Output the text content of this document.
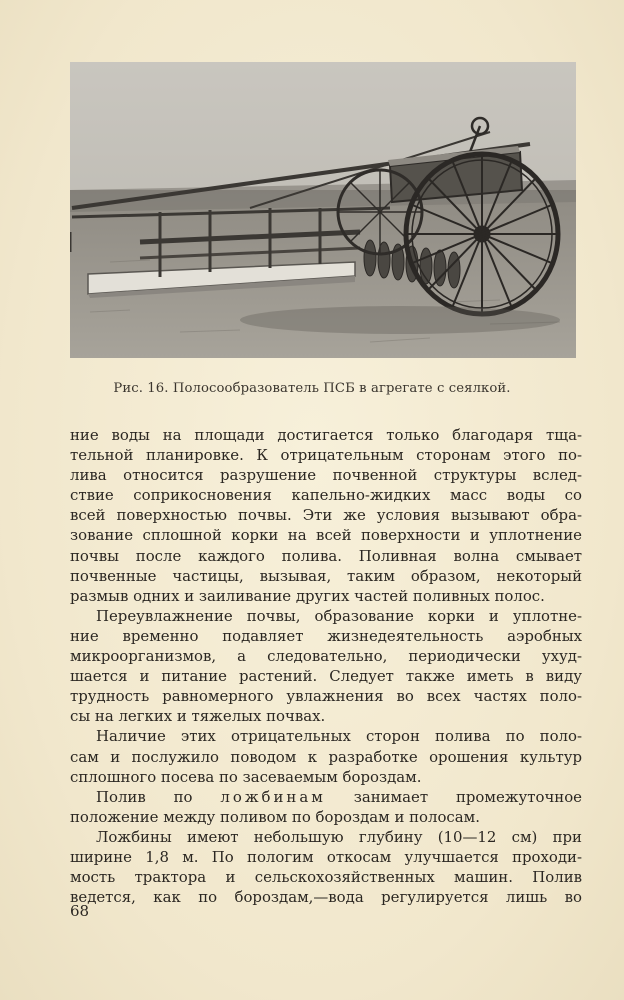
Рис. 16. Полосообразователь ПСБ в агрегате с сеялкой.

ние воды на площади достигается только благодаря тща-
тельной планировке. К отрицательным сторонам этого по-
лива относится разрушение почвенной структуры вслед-
ствие соприкосновения капельно-жидких масс воды со
всей поверхностью почвы. Эти же условия вызывают обра-
зование сплошной корки на всей поверхности и уплотнение
почвы после каждого полива. Поливная волна смывает
почвенные частицы, вызывая, таким образом, некоторый
размыв одних и заиливание других частей поливных полос.

Переувлажнение почвы, образование корки и уплотне-
ние временно подавляет жизнедеятельность аэробных
микроорганизмов, а следовательно, периодически ухуд-
шается и питание растений. Следует также иметь в виду
трудность равномерного увлажнения во всех частях поло-
сы на легких и тяжелых почвах.

Наличие этих отрицательных сторон полива по поло-
сам и послужило поводом к разработке орошения культур
сплошного посева по засеваемым бороздам.

Полив по ложбинам занимает промежуточное
положение между поливом по бороздам и полосам.

Ложбины имеют небольшую глубину (10—12 см) при
ширине 1,8 м. По пологим откосам улучшается проходи-
мость трактора и сельскохозяйственных машин. Полив
ведется, как по бороздам,—вода регулируется лишь во

68
